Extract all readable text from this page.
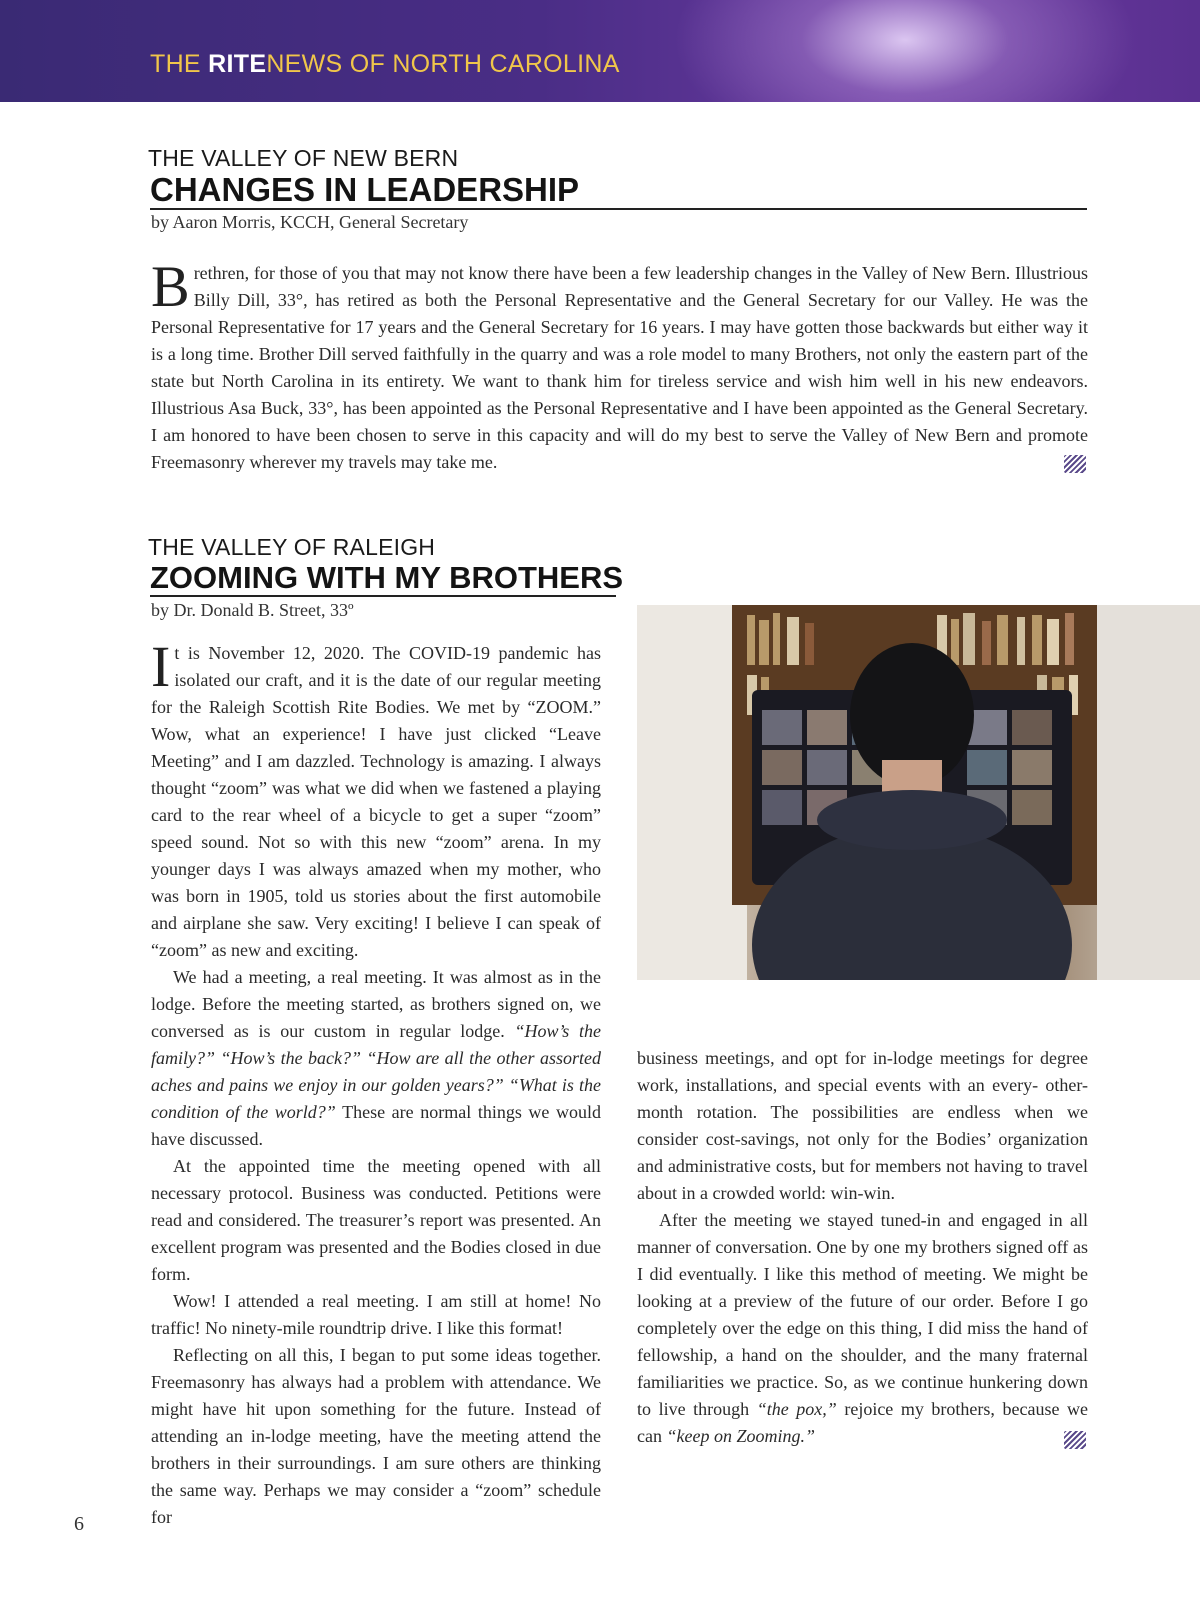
THE RITENEWS OF NORTH CAROLINA
THE VALLEY OF NEW BERN
CHANGES IN LEADERSHIP
by Aaron Morris, KCCH, General Secretary

Brethren, for those of you that may not know there have been a few leadership changes in the Valley of New Bern. Illustrious Billy Dill, 33°, has retired as both the Personal Representative and the General Secretary for our Valley. He was the Personal Representative for 17 years and the General Secretary for 16 years. I may have gotten those backwards but either way it is a long time. Brother Dill served faithfully in the quarry and was a role model to many Brothers, not only the eastern part of the state but North Carolina in its entirety. We want to thank him for tireless service and wish him well in his new endeavors. Illustrious Asa Buck, 33°, has been appointed as the Personal Representative and I have been appointed as the General Secretary. I am honored to have been chosen to serve in this capacity and will do my best to serve the Valley of New Bern and promote Freemasonry wherever my travels may take me.

THE VALLEY OF RALEIGH
ZOOMING WITH MY BROTHERS
by Dr. Donald B. Street, 33º

It is November 12, 2020. The COVID-19 pandemic has isolated our craft, and it is the date of our regular meeting for the Raleigh Scottish Rite Bodies. We met by “ZOOM.” Wow, what an experience! I have just clicked “Leave Meeting” and I am dazzled. Technology is amazing. I always thought “zoom” was what we did when we fastened a playing card to the rear wheel of a bicycle to get a super “zoom” speed sound. Not so with this new “zoom” arena. In my younger days I was always amazed when my mother, who was born in 1905, told us stories about the first automobile and airplane she saw. Very exciting! I believe I can speak of “zoom” as new and exciting.

We had a meeting, a real meeting. It was almost as in the lodge. Before the meeting started, as brothers signed on, we conversed as is our custom in regular lodge. “How’s the family?” “How’s the back?” “How are all the other assorted aches and pains we enjoy in our golden years?” “What is the condition of the world?” These are normal things we would have discussed.

At the appointed time the meeting opened with all necessary protocol. Business was conducted. Petitions were read and considered. The treasurer’s report was presented. An excellent program was presented and the Bodies closed in due form.

Wow! I attended a real meeting. I am still at home! No traffic! No ninety-mile roundtrip drive. I like this format!

Reflecting on all this, I began to put some ideas together. Freemasonry has always had a problem with attendance. We might have hit upon something for the future. Instead of attending an in-lodge meeting, have the meeting attend the brothers in their surroundings. I am sure others are thinking the same way. Perhaps we may consider a “zoom” schedule for

business meetings, and opt for in-lodge meetings for degree work, installations, and special events with an every- other-month rotation. The possibilities are endless when we consider cost-savings, not only for the Bodies’ organization and administrative costs, but for members not having to travel about in a crowded world: win-win.

After the meeting we stayed tuned-in and engaged in all manner of conversation. One by one my brothers signed off as I did eventually. I like this method of meeting. We might be looking at a preview of the future of our order. Before I go completely over the edge on this thing, I did miss the hand of fellowship, a hand on the shoulder, and the many fraternal familiarities we practice. So, as we continue hunkering down to live through “the pox,” rejoice my brothers, because we can “keep on Zooming.”

6
